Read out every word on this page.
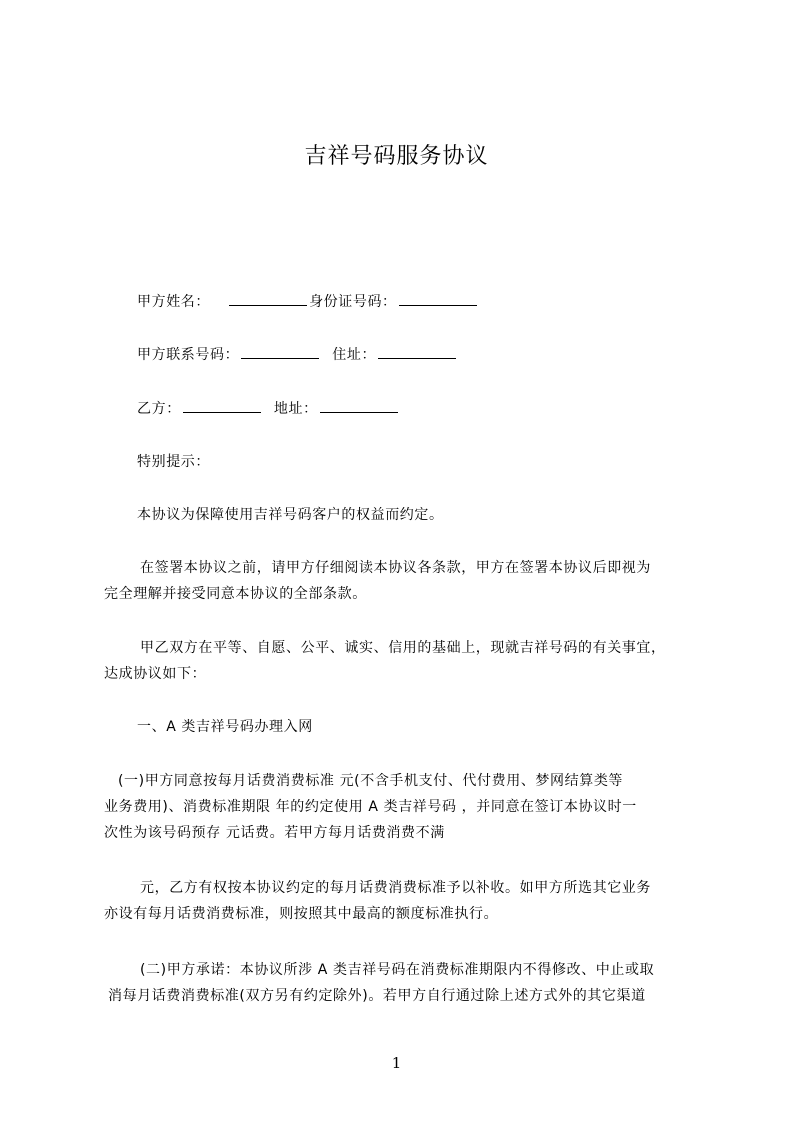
吉祥号码服务协议
甲方姓名：	身份证号码：
甲方联系号码：	住址：
乙方：	地址：
特别提示：
本协议为保障使用吉祥号码客户的权益而约定。
在签署本协议之前，请甲方仔细阅读本协议各条款，甲方在签署本协议后即视为
完全理解并接受同意本协议的全部条款。
甲乙双方在平等、自愿、公平、诚实、信用的基础上，现就吉祥号码的有关事宜，
达成协议如下：
一、A 类吉祥号码办理入网
(一)甲方同意按每月话费消费标准 元(不含手机支付、代付费用、梦网结算类等
业务费用)、消费标准期限 年的约定使用 A 类吉祥号码 ，并同意在签订本协议时一
次性为该号码预存 元话费。若甲方每月话费消费不满
元，乙方有权按本协议约定的每月话费消费标准予以补收。如甲方所选其它业务
亦设有每月话费消费标准，则按照其中最高的额度标准执行。
(二)甲方承诺：本协议所涉 A 类吉祥号码在消费标准期限内不得修改、中止或取
消每月话费消费标准(双方另有约定除外)。若甲方自行通过除上述方式外的其它渠道
1
